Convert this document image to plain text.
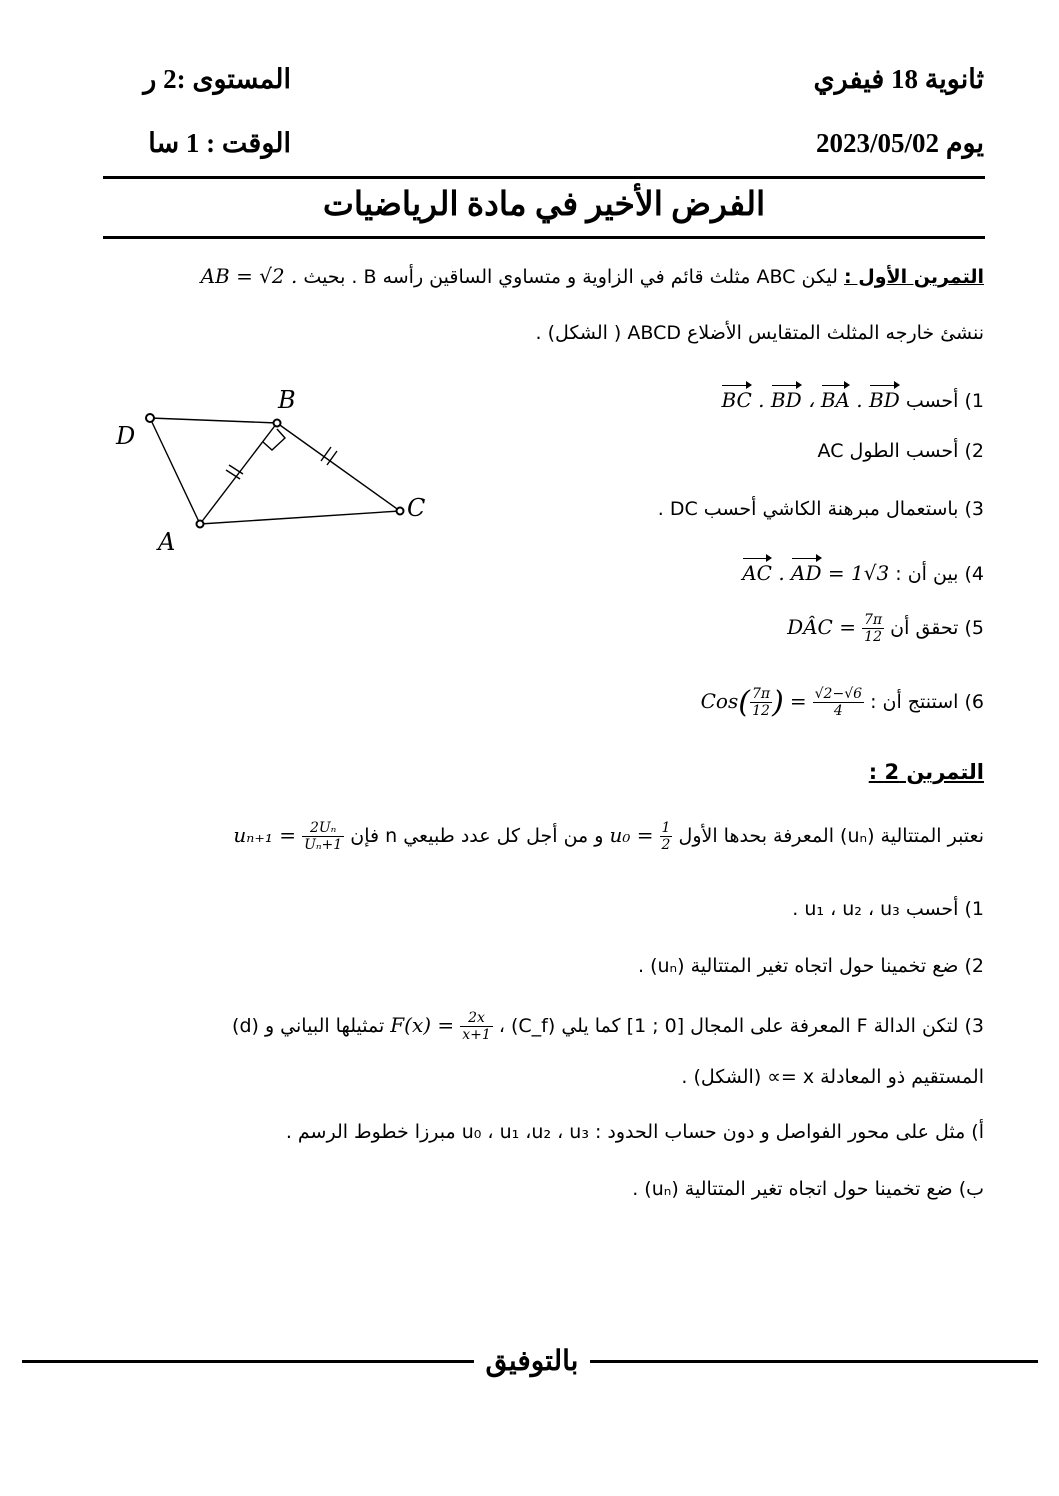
ثانوية 18 فيفري
المستوى :2 ر
يوم 2023/05/02
الوقت : 1 سا
الفرض الأخير في مادة الرياضيات
التمرين الأول : ليكن ABC مثلث قائم في الزاوية و متساوي الساقين رأسه B . بحيث AB = √2 .
ننشئ خارجه المثلث المتقايس الأضلاع ABCD ( الشكل) .
1) أحسب BC . BD ، BA . BD
2) أحسب الطول AC
3) باستعمال مبرهنة الكاشي أحسب DC .
4) بين أن : AC . AD = 1√3
5) تحقق أن DÂC = $\frac{7\pi}{12}$
6) استنتج أن : $Cos( \frac{7\pi}{12}$ ) = $\frac{√2-√6}{4}$
B
D
A
C
التمرين 2 :
نعتبر المتتالية (uₙ) المعرفة بحدها الأول $u_0 = \frac{1}{2}$
و من أجل كل عدد طبيعي n فإن $u_{n+1} = \frac{\text{2Uₙ}}{\text{Uₙ+1}}$
1) أحسب u₁ ، u₂ ، u₃ .
2) ضع تخمينا حول اتجاه تغير المتتالية (uₙ) .
3) لتكن الدالة F المعرفة على المجال [0 ; 1] كما يلي $F(x) = \frac{2x}{x+1}$
، (C_f) تمثيلها البياني و (d)
المستقيم ذو المعادلة x =∝ (الشكل) .
أ) مثل على محور الفواصل و دون حساب الحدود : u₀ ، u₁ ،u₂ ، u₃ مبرزا خطوط الرسم .
ب) ضع تخمينا حول اتجاه تغير المتتالية (uₙ) .
بالتوفيق
